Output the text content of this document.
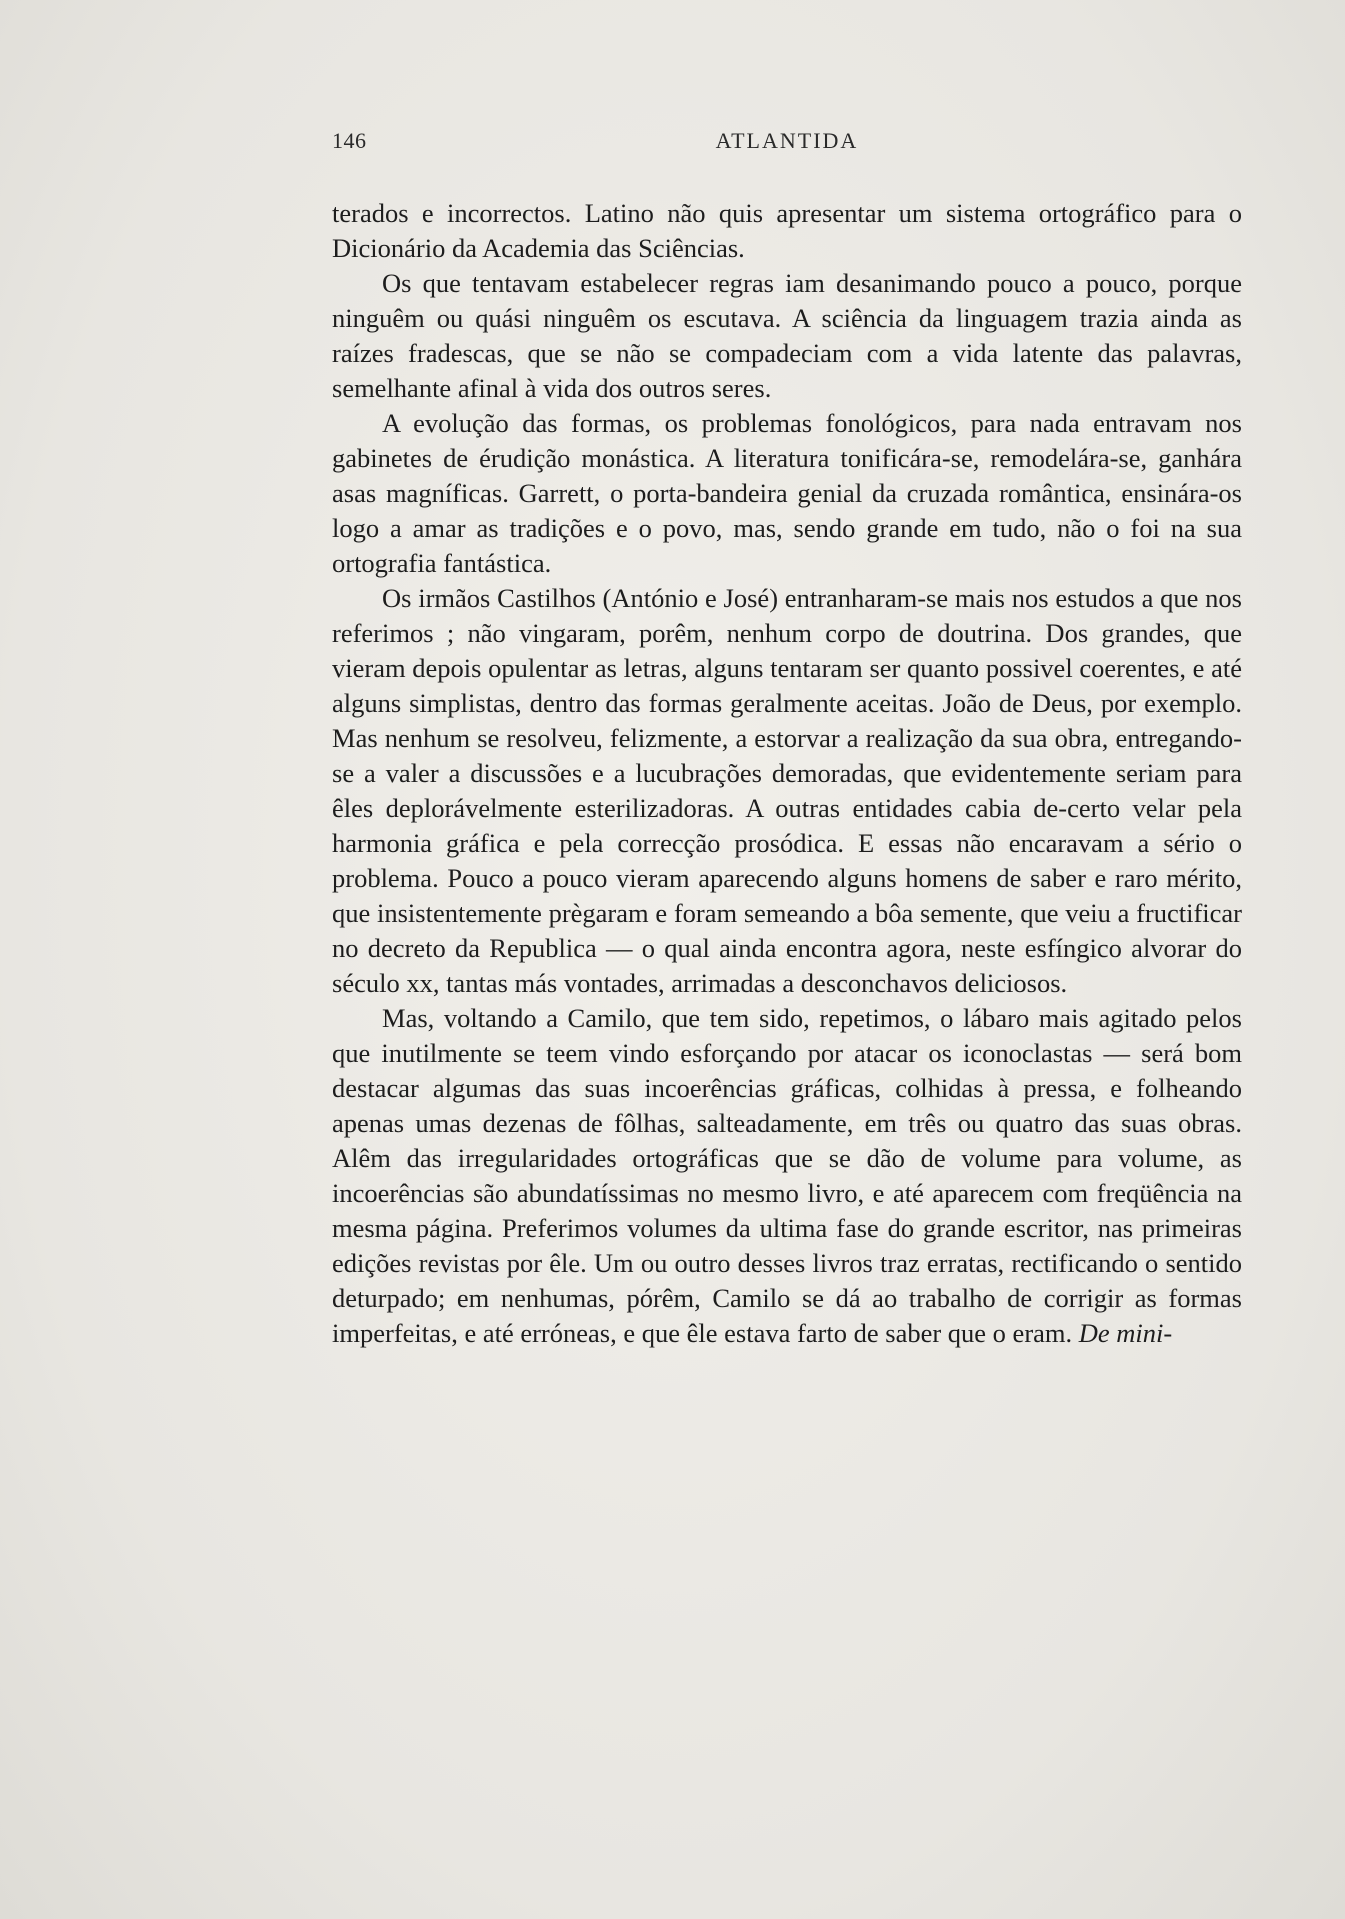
146	ATLANTIDA

terados e incorrectos. Latino não quis apresentar um sistema ortográfico para o Dicionário da Academia das Sciências.

Os que tentavam estabelecer regras iam desanimando pouco a pouco, porque ninguêm ou quási ninguêm os escutava. A sciência da linguagem trazia ainda as raízes fradescas, que se não se compadeciam com a vida latente das palavras, semelhante afinal à vida dos outros seres.

A evolução das formas, os problemas fonológicos, para nada entravam nos gabinetes de érudição monástica. A literatura tonificára-se, remodelára-se, ganhára asas magníficas. Garrett, o porta-bandeira genial da cruzada romântica, ensinára-os logo a amar as tradições e o povo, mas, sendo grande em tudo, não o foi na sua ortografia fantástica.

Os irmãos Castilhos (António e José) entranharam-se mais nos estudos a que nos referimos ; não vingaram, porêm, nenhum corpo de doutrina. Dos grandes, que vieram depois opulentar as letras, alguns tentaram ser quanto possivel coerentes, e até alguns simplistas, dentro das formas geralmente aceitas. João de Deus, por exemplo. Mas nenhum se resolveu, felizmente, a estorvar a realização da sua obra, entregando-se a valer a discussões e a lucubrações demoradas, que evidentemente seriam para êles deplorávelmente esterilizadoras. A outras entidades cabia de-certo velar pela harmonia gráfica e pela correcção prosódica. E essas não encaravam a sério o problema. Pouco a pouco vieram aparecendo alguns homens de saber e raro mérito, que insistentemente prègaram e foram semeando a bôa semente, que veiu a fructificar no decreto da Republica — o qual ainda encontra agora, neste esfíngico alvorar do século xx, tantas más vontades, arrimadas a desconchavos deliciosos.

Mas, voltando a Camilo, que tem sido, repetimos, o lábaro mais agitado pelos que inutilmente se teem vindo esforçando por atacar os iconoclastas — será bom destacar algumas das suas incoerências gráficas, colhidas à pressa, e folheando apenas umas dezenas de fôlhas, salteadamente, em três ou quatro das suas obras. Alêm das irregularidades ortográficas que se dão de volume para volume, as incoerências são abundatíssimas no mesmo livro, e até aparecem com freqüência na mesma página. Preferimos volumes da ultima fase do grande escritor, nas primeiras edições revistas por êle. Um ou outro desses livros traz erratas, rectificando o sentido deturpado; em nenhumas, pórêm, Camilo se dá ao trabalho de corrigir as formas imperfeitas, e até erróneas, e que êle estava farto de saber que o eram. De mini-
